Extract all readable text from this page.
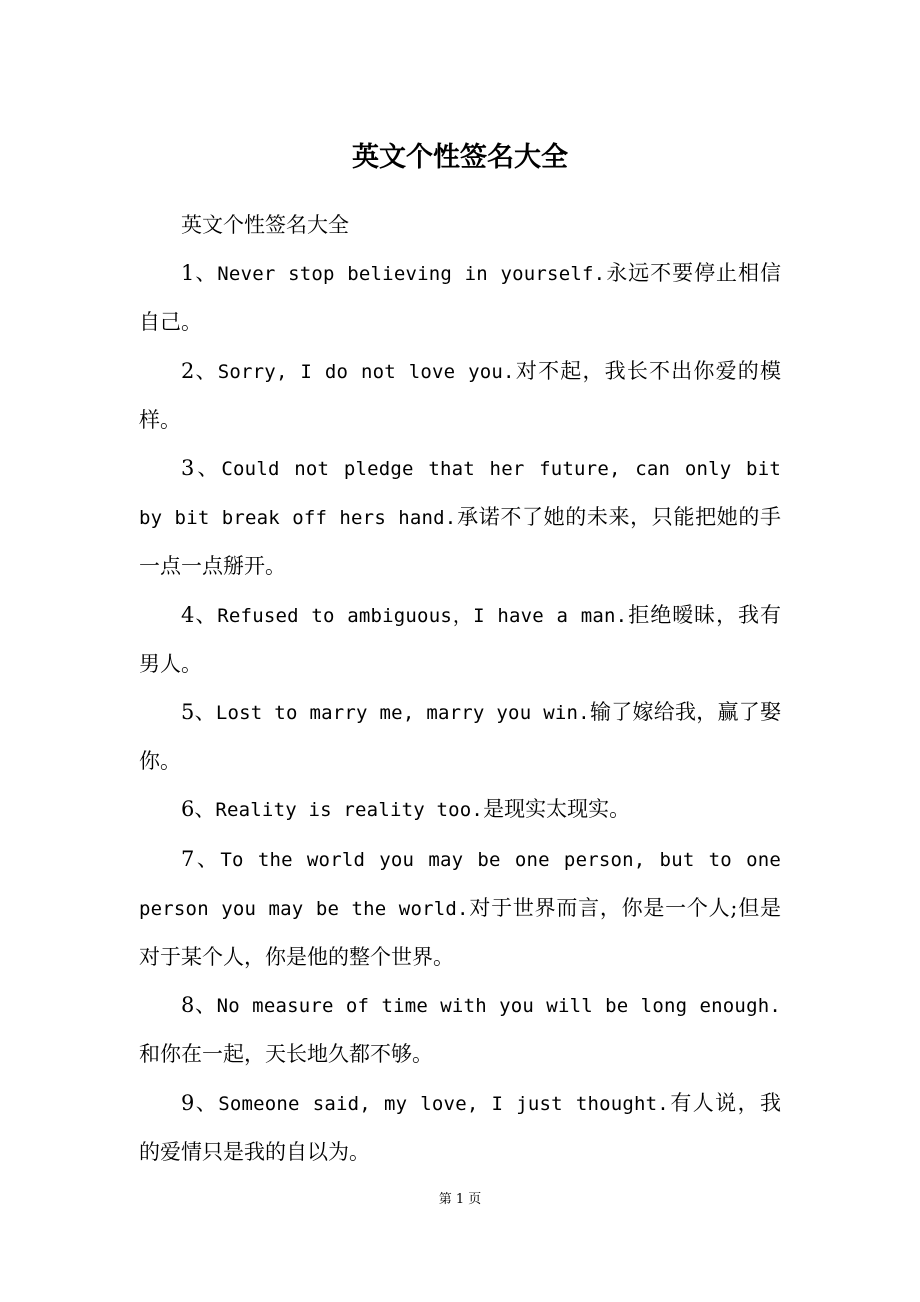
英文个性签名大全

英文个性签名大全

1、Never stop believing in yourself.永远不要停止相信自己。

2、Sorry, I do not love you.对不起，我长不出你爱的模样。

3、Could not pledge that her future, can only bit by bit break off hers hand.承诺不了她的未来，只能把她的手一点一点掰开。

4、Refused to ambiguous，I have a man.拒绝暧昧，我有男人。

5、Lost to marry me, marry you win.输了嫁给我，赢了娶你。

6、Reality is reality too.是现实太现实。

7、To the world you may be one person, but to one person you may be the world.对于世界而言，你是一个人;但是对于某个人，你是他的整个世界。

8、No measure of time with you will be long enough.和你在一起，天长地久都不够。

9、Someone said, my love, I just thought.有人说，我的爱情只是我的自以为。

第 1 页
